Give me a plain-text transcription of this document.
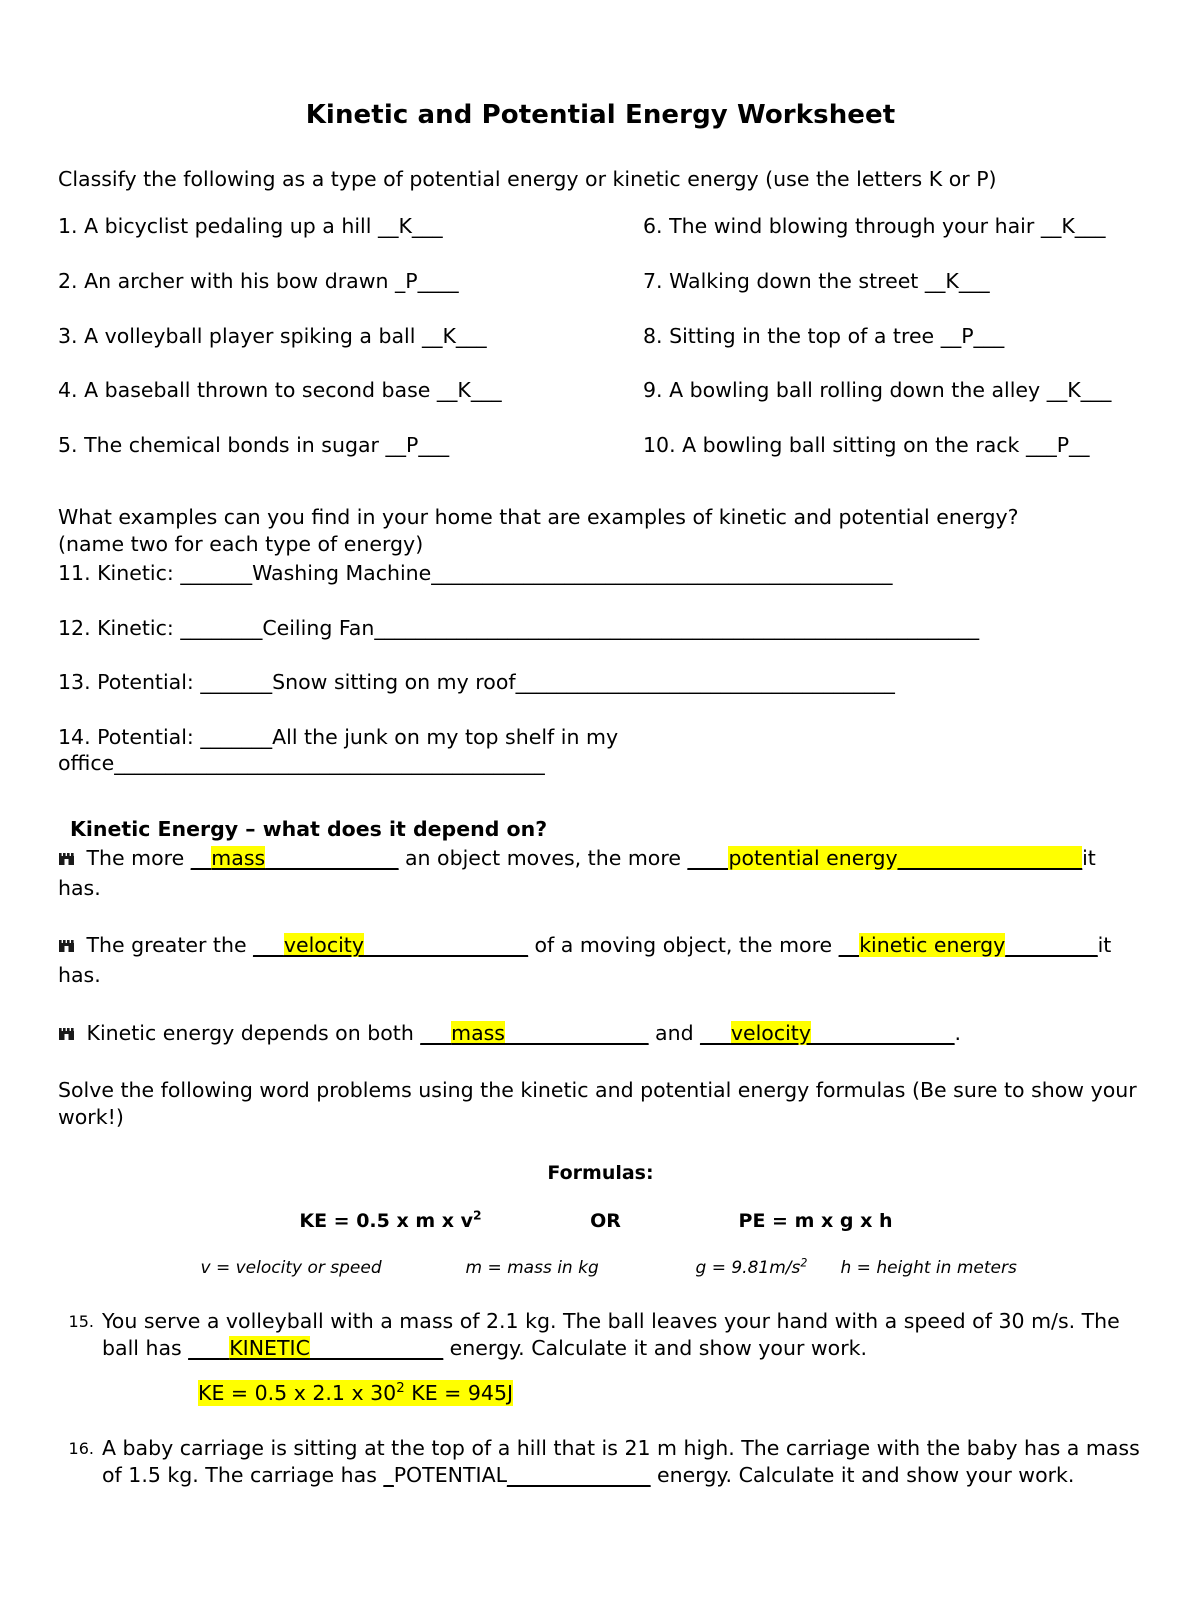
Kinetic and Potential Energy Worksheet
Classify the following as a type of potential energy or kinetic energy (use the letters K or P)
1. A bicyclist pedaling up a hill __K___
2. An archer with his bow drawn _P____
3. A volleyball player spiking a ball __K___
4. A baseball thrown to second base __K___
5. The chemical bonds in sugar __P___
6. The wind blowing through your hair __K___
7. Walking down the street __K___
8. Sitting in the top of a tree __P___
9. A bowling ball rolling down the alley __K___
10. A bowling ball sitting on the rack ___P__
What examples can you find in your home that are examples of kinetic and potential energy?
(name two for each type of energy)
11. Kinetic: _______Washing Machine_____________________________________________
12. Kinetic: ________Ceiling Fan___________________________________________________________
13. Potential: _______Snow sitting on my roof_____________________________________
14. Potential: _______All the junk on my top shelf in my
office__________________________________________
Kinetic Energy – what does it depend on?
The more __mass_____________ an object moves, the more ____potential energy__________________it has.
The greater the ___velocity________________ of a moving object, the more __kinetic energy_________it has.
Kinetic energy depends on both ___mass______________ and ___velocity______________.
Solve the following word problems using the kinetic and potential energy formulas (Be sure to show your work!)
Formulas:
KE = 0.5 x m x $v^2$	OR	PE = m x g x h
v = velocity or speed	m = mass in kg	$g = 9.81m/s^2$	h = height in meters
15. You serve a volleyball with a mass of 2.1 kg. The ball leaves your hand with a speed of 30 m/s. The ball has ____KINETIC_____________ energy. Calculate it and show your work.
KE = 0.5 x 2.1 x $30^2$ KE = 945J
16. A baby carriage is sitting at the top of a hill that is 21 m high. The carriage with the baby has a mass of 1.5 kg. The carriage has _POTENTIAL______________ energy. Calculate it and show your work.
